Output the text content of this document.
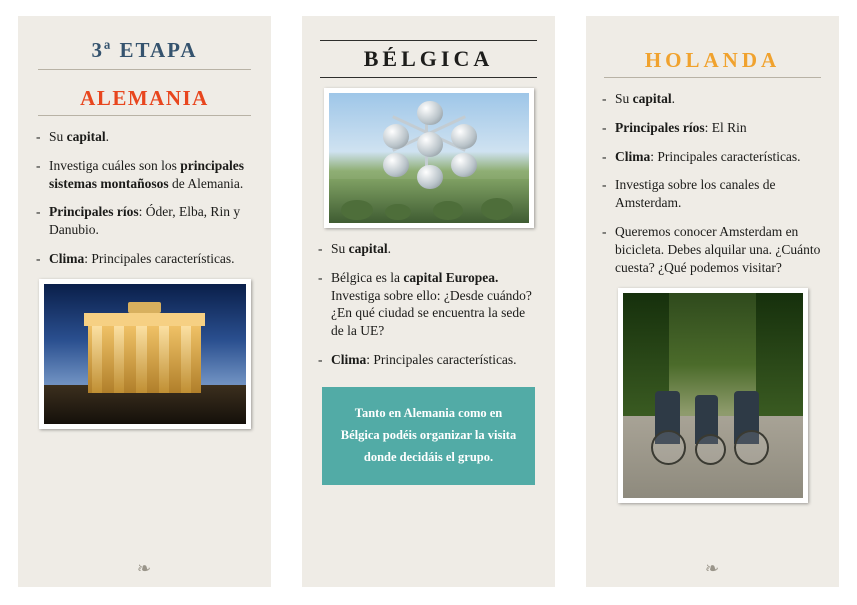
3ª ETAPA
ALEMANIA
- Su capital.
- Investiga cuáles son los principales sistemas montañosos de Alemania.
- Principales ríos: Óder, Elba, Rin y Danubio.
- Clima: Principales características.
❧
BÉLGICA
- Su capital.
- Bélgica es la capital Europea. Investiga sobre ello: ¿Desde cuándo? ¿En qué ciudad se encuentra la sede de la UE?
- Clima: Principales características.
Tanto en Alemania como en Bélgica podéis organizar la visita donde decidáis el grupo.
HOLANDA
- Su capital.
- Principales ríos: El Rin
- Clima: Principales características.
- Investiga sobre los canales de Amsterdam.
- Queremos conocer Amsterdam en bicicleta. Debes alquilar una. ¿Cuánto cuesta? ¿Qué podemos visitar?
❧
